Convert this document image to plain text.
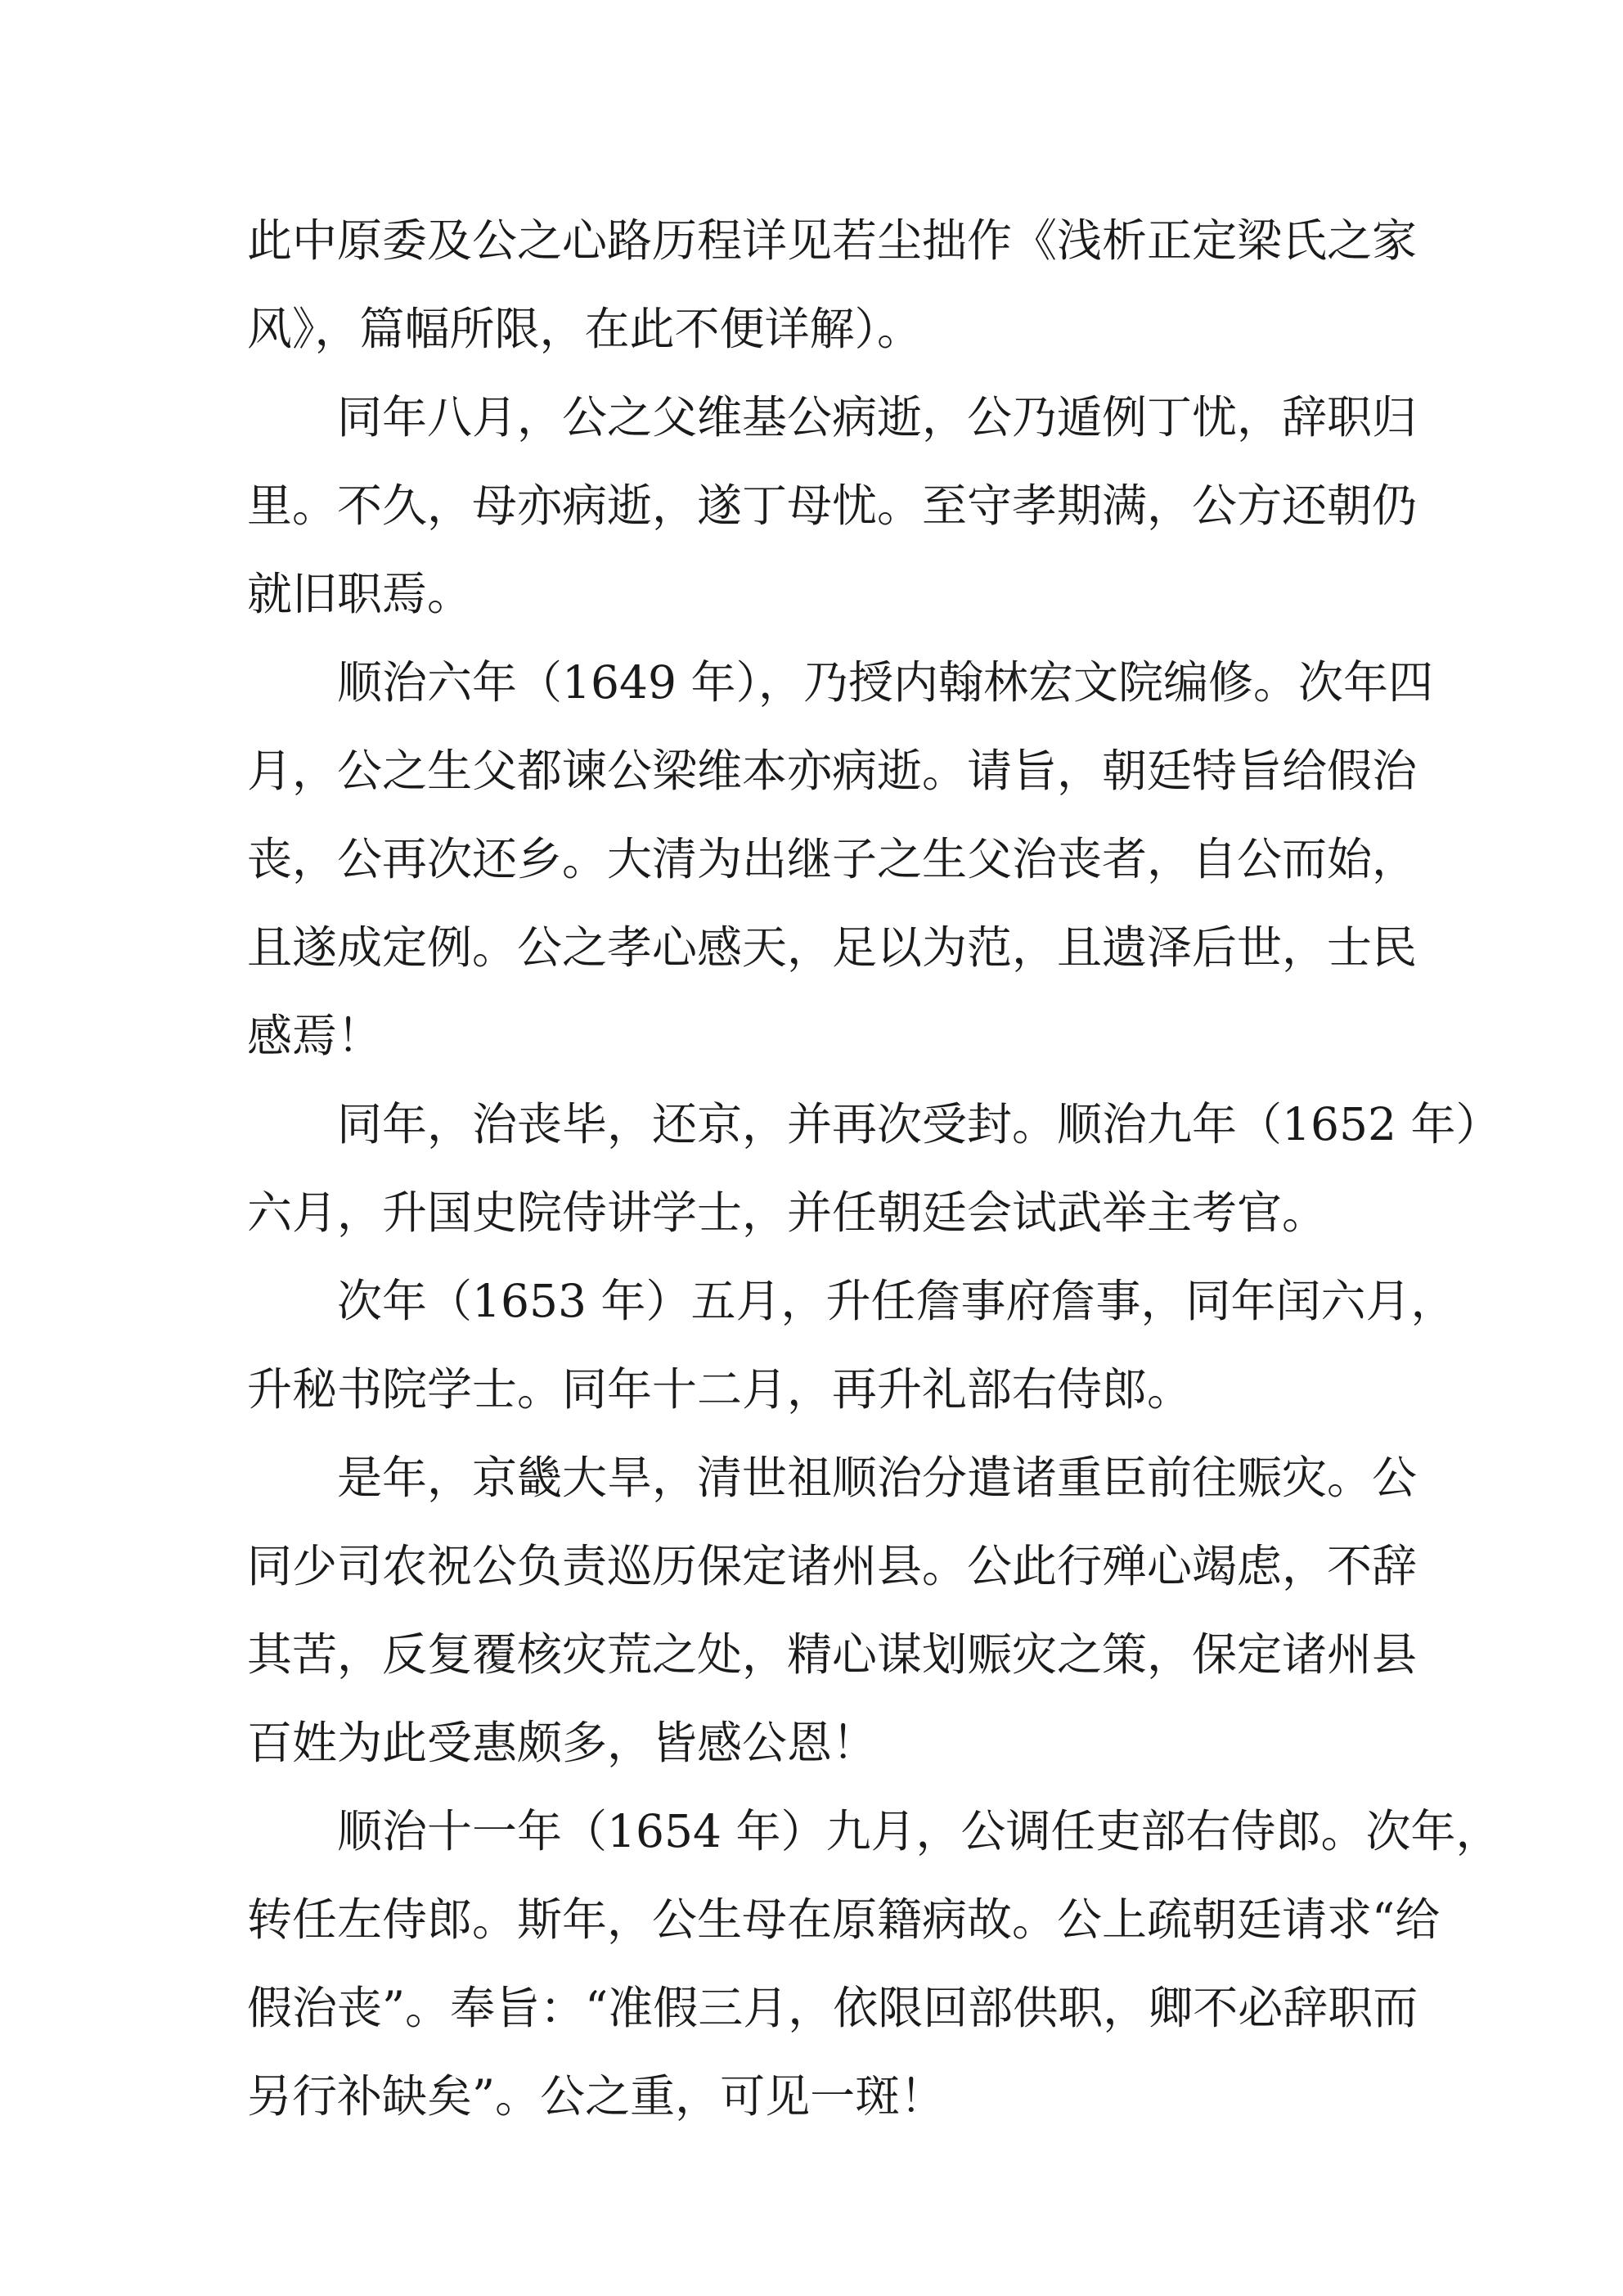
此中原委及公之心路历程详见若尘拙作《浅析正定梁氏之家
风》，篇幅所限，在此不便详解）。
同年八月，公之父维基公病逝，公乃遁例丁忧，辞职归
里。不久，母亦病逝，遂丁母忧。至守孝期满，公方还朝仍
就旧职焉。
顺治六年（1649 年），乃授内翰林宏文院编修。次年四
月，公之生父都谏公梁维本亦病逝。请旨，朝廷特旨给假治
丧，公再次还乡。大清为出继子之生父治丧者，自公而始，
且遂成定例。公之孝心感天，足以为范，且遗泽后世，士民
感焉！
同年，治丧毕，还京，并再次受封。顺治九年（1652 年）
六月，升国史院侍讲学士，并任朝廷会试武举主考官。
次年（1653 年）五月，升任詹事府詹事，同年闰六月，
升秘书院学士。同年十二月，再升礼部右侍郎。
是年，京畿大旱，清世祖顺治分遣诸重臣前往赈灾。公
同少司农祝公负责巡历保定诸州县。公此行殚心竭虑，不辞
其苦，反复覆核灾荒之处，精心谋划赈灾之策，保定诸州县
百姓为此受惠颇多，皆感公恩！
顺治十一年（1654 年）九月，公调任吏部右侍郎。次年，
转任左侍郎。斯年，公生母在原籍病故。公上疏朝廷请求“给
假治丧”。奉旨：“准假三月，依限回部供职，卿不必辞职而
另行补缺矣”。公之重，可见一斑！
